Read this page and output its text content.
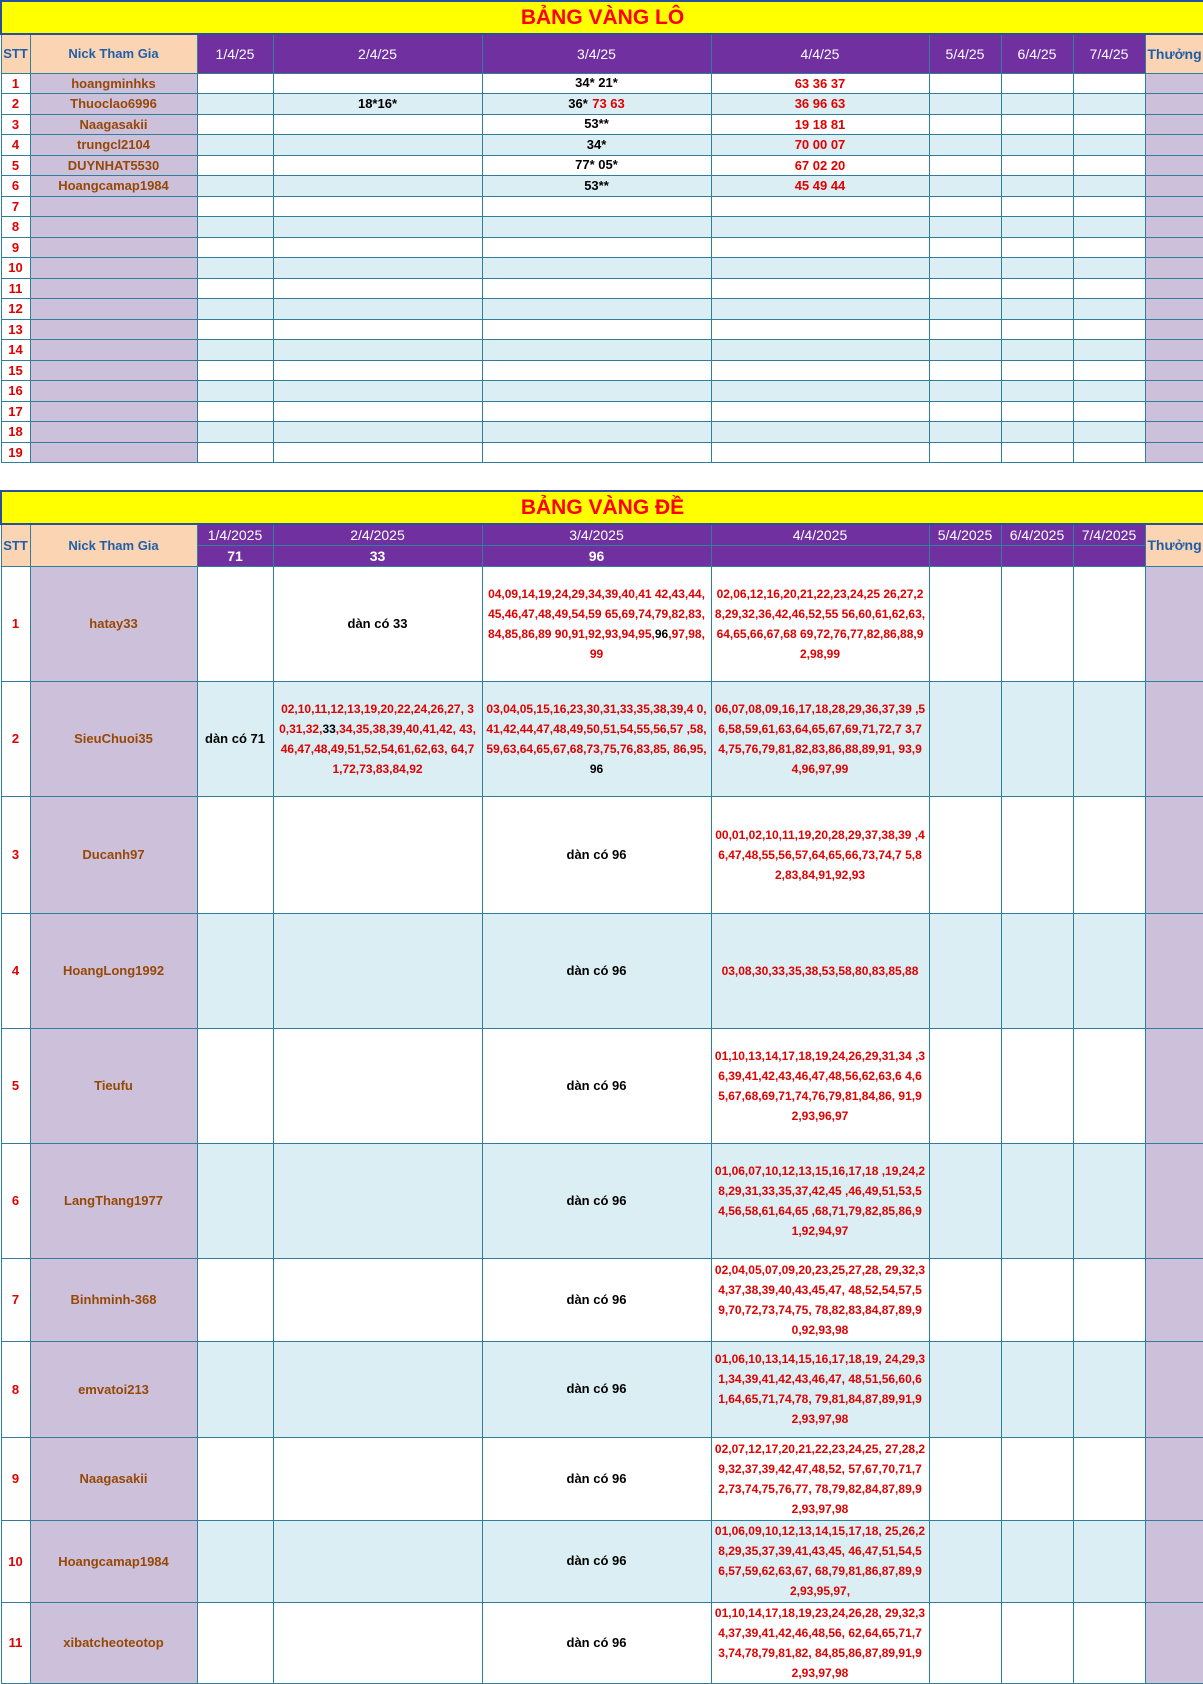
BẢNG VÀNG LÔ									
STT	Nick Tham Gia	1/4/25	2/4/25	3/4/25	4/4/25	5/4/25	6/4/25	7/4/25	Thưởng
1	hoangminhks			34* 21*	63 36 37				
2	Thuoclao6996		18*16*	36* 73 63	36 96 63				
3	Naagasakii			53**	19 18 81				
4	trungcl2104			34*	70 00 07				
5	DUYNHAT5530			77* 05*	67 02 20				
6	Hoangcamap1984			53**	45 49 44				
7									
8									
9									
10									
11									
12									
13									
14									
15									
16									
17									
18									
19									
BẢNG VÀNG ĐỀ									
STT	Nick Tham Gia	1/4/2025	2/4/2025	3/4/2025	4/4/2025	5/4/2025	6/4/2025	7/4/2025	Thưởng
		71	33	96					
1	hatay33		dàn có 33	04,09,14,19,24,29,34,39,40,41 42,43,44,45,46,47,48,49,54,59 65,69,74,79,82,83,84,85,86,89 90,91,92,93,94,95,96,97,98,99	02,06,12,16,20,21,22,23,24,25 26,27,28,29,32,36,42,46,52,55 56,60,61,62,63,64,65,66,67,68 69,72,76,77,82,86,88,92,98,99				

2	SieuChuoi35	dàn có 71	02,10,11,12,13,19,20,22,24,26,27, 30,31,32,33,34,35,38,39,40,41,42, 43,46,47,48,49,51,52,54,61,62,63, 64,71,72,73,83,84,92	03,04,05,15,16,23,30,31,33,35,38,39,4 0,41,42,44,47,48,49,50,51,54,55,56,57 ,58,59,63,64,65,67,68,73,75,76,83,85, 86,95,96	06,07,08,09,16,17,18,28,29,36,37,39 ,56,58,59,61,63,64,65,67,69,71,72,7 3,74,75,76,79,81,82,83,86,88,89,91, 93,94,96,97,99				

3	Ducanh97			dàn có 96	00,01,02,10,11,19,20,28,29,37,38,39 ,46,47,48,55,56,57,64,65,66,73,74,7 5,82,83,84,91,92,93				

4	HoangLong1992			dàn có 96	03,08,30,33,35,38,53,58,80,83,85,88				

5	Tieufu			dàn có 96	01,10,13,14,17,18,19,24,26,29,31,34 ,36,39,41,42,43,46,47,48,56,62,63,6 4,65,67,68,69,71,74,76,79,81,84,86, 91,92,93,96,97				

6	LangThang1977			dàn có 96	01,06,07,10,12,13,15,16,17,18 ,19,24,28,29,31,33,35,37,42,45 ,46,49,51,53,54,56,58,61,64,65 ,68,71,79,82,85,86,91,92,94,97				

7	Binhminh-368			dàn có 96	02,04,05,07,09,20,23,25,27,28, 29,32,34,37,38,39,40,43,45,47, 48,52,54,57,59,70,72,73,74,75, 78,82,83,84,87,89,90,92,93,98				

8	emvatoi213			dàn có 96	01,06,10,13,14,15,16,17,18,19, 24,29,31,34,39,41,42,43,46,47, 48,51,56,60,61,64,65,71,74,78, 79,81,84,87,89,91,92,93,97,98				

9	Naagasakii			dàn có 96	02,07,12,17,20,21,22,23,24,25, 27,28,29,32,37,39,42,47,48,52, 57,67,70,71,72,73,74,75,76,77, 78,79,82,84,87,89,92,93,97,98				

10	Hoangcamap1984			dàn có 96	01,06,09,10,12,13,14,15,17,18, 25,26,28,29,35,37,39,41,43,45, 46,47,51,54,56,57,59,62,63,67, 68,79,81,86,87,89,92,93,95,97,				

11	xibatcheoteotop			dàn có 96	01,10,14,17,18,19,23,24,26,28, 29,32,34,37,39,41,42,46,48,56, 62,64,65,71,73,74,78,79,81,82, 84,85,86,87,89,91,92,93,97,98				
